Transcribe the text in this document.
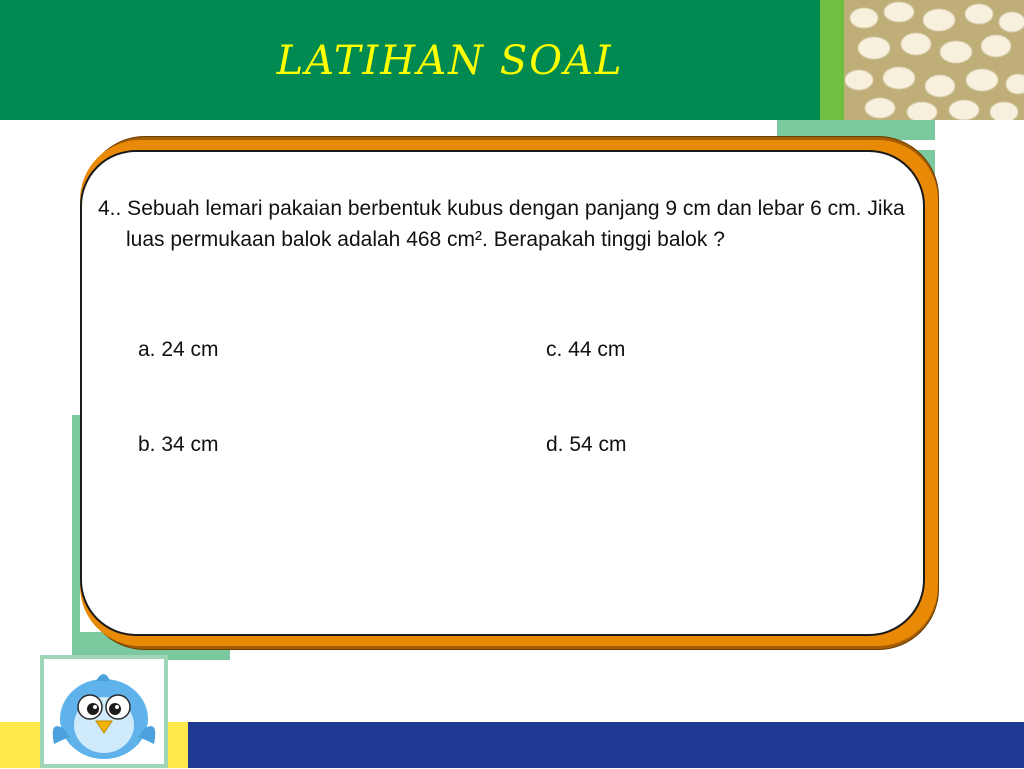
LATIHAN SOAL
4.. Sebuah lemari pakaian berbentuk kubus dengan panjang 9 cm dan lebar 6 cm. Jika luas permukaan balok adalah 468 cm². Berapakah tinggi balok ?
a. 24 cm	c. 44 cm
b. 34 cm	d. 54 cm
